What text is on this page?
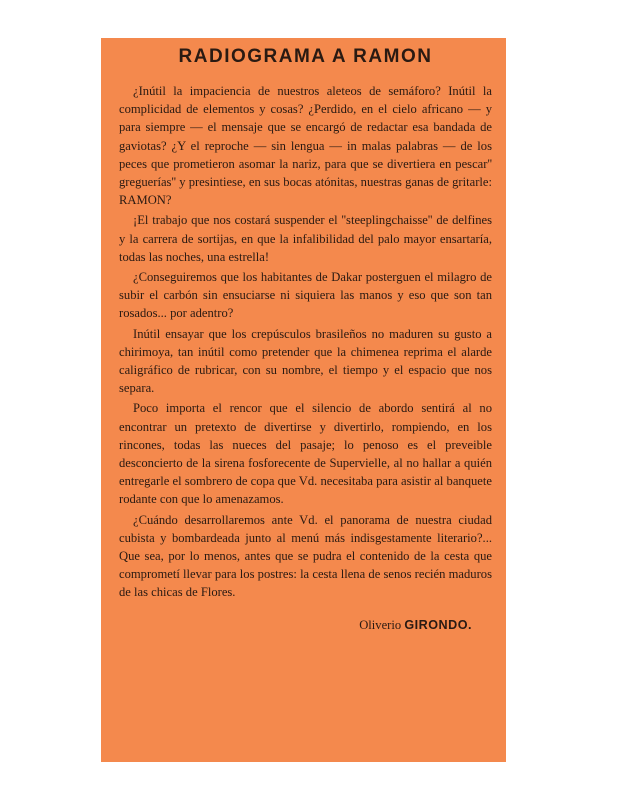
RADIOGRAMA A RAMON

¿Inútil la impaciencia de nuestros aleteos de semáforo? Inútil la complicidad de elementos y cosas? ¿Perdido, en el cielo africano — y para siempre — el mensaje que se encargó de redactar esa bandada de gaviotas? ¿Y el reproche — sin lengua — in malas palabras — de los peces que prometieron asomar la nariz, para que se divertiera en pescar'' greguerías'' y presintiese, en sus bocas atónitas, nuestras ganas de gritarle: RAMON?

¡El trabajo que nos costará suspender el ''steeplingchaisse'' de delfines y la carrera de sortijas, en que la infalibilidad del palo mayor ensartaría, todas las noches, una estrella!

¿Conseguiremos que los habitantes de Dakar posterguen el milagro de subir el carbón sin ensuciarse ni siquiera las manos y eso que son tan rosados... por adentro?

Inútil ensayar que los crepúsculos brasileños no maduren su gusto a chirimoya, tan inútil como pretender que la chimenea reprima el alarde caligráfico de rubricar, con su nombre, el tiempo y el espacio que nos separa.

Poco importa el rencor que el silencio de abordo sentirá al no encontrar un pretexto de divertirse y divertirlo, rompiendo, en los rincones, todas las nueces del pasaje; lo penoso es el preveible desconcierto de la sirena fosforecente de Supervielle, al no hallar a quién entregarle el sombrero de copa que Vd. necesitaba para asistir al banquete rodante con que lo amenazamos.

¿Cuándo desarrollaremos ante Vd. el panorama de nuestra ciudad cubista y bombardeada junto al menú más indisgestamente literario?... Que sea, por lo menos, antes que se pudra el contenido de la cesta que comprometí llevar para los postres: la cesta llena de senos recién maduros de las chicas de Flores.

Oliverio GIRONDO.
